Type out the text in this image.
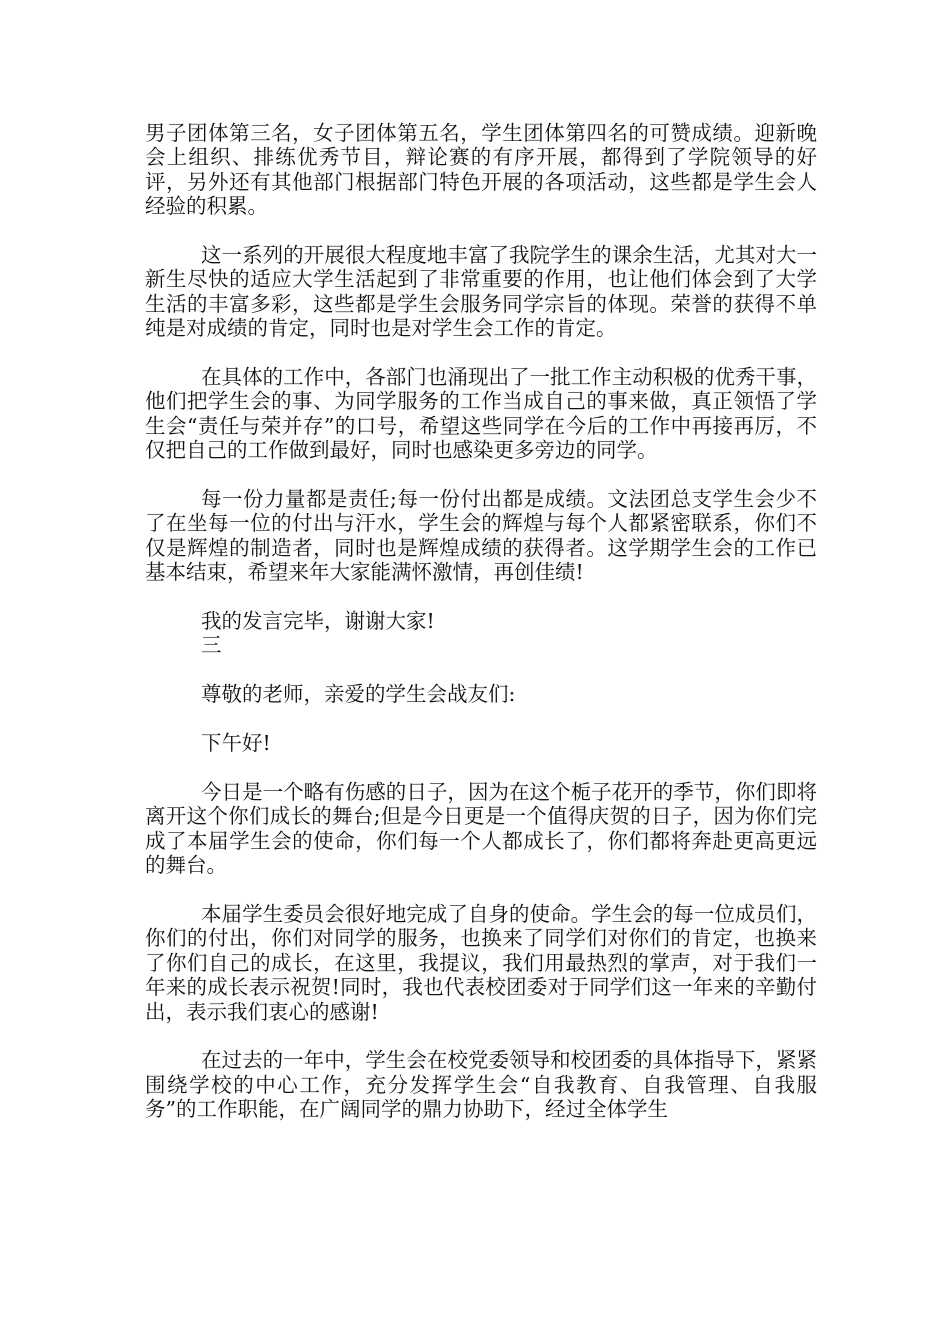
男子团体第三名，女子团体第五名，学生团体第四名的可赞成绩。迎新晚会上组织、排练优秀节目，辩论赛的有序开展，都得到了学院领导的好评，另外还有其他部门根据部门特色开展的各项活动，这些都是学生会人经验的积累。

这一系列的开展很大程度地丰富了我院学生的课余生活，尤其对大一新生尽快的适应大学生活起到了非常重要的作用，也让他们体会到了大学生活的丰富多彩，这些都是学生会服务同学宗旨的体现。荣誉的获得不单纯是对成绩的肯定，同时也是对学生会工作的肯定。

在具体的工作中，各部门也涌现出了一批工作主动积极的优秀干事，他们把学生会的事、为同学服务的工作当成自己的事来做，真正领悟了学生会“责任与荣并存”的口号，希望这些同学在今后的工作中再接再厉，不仅把自己的工作做到最好，同时也感染更多旁边的同学。

每一份力量都是责任;每一份付出都是成绩。文法团总支学生会少不了在坐每一位的付出与汗水，学生会的辉煌与每个人都紧密联系，你们不仅是辉煌的制造者，同时也是辉煌成绩的获得者。这学期学生会的工作已基本结束，希望来年大家能满怀激情，再创佳绩!

我的发言完毕，谢谢大家!

三

尊敬的老师，亲爱的学生会战友们:

下午好!

今日是一个略有伤感的日子，因为在这个栀子花开的季节，你们即将离开这个你们成长的舞台;但是今日更是一个值得庆贺的日子，因为你们完成了本届学生会的使命，你们每一个人都成长了，你们都将奔赴更高更远的舞台。

本届学生委员会很好地完成了自身的使命。学生会的每一位成员们，你们的付出，你们对同学的服务，也换来了同学们对你们的肯定，也换来了你们自己的成长，在这里，我提议，我们用最热烈的掌声，对于我们一年来的成长表示祝贺!同时，我也代表校团委对于同学们这一年来的辛勤付出，表示我们衷心的感谢!

在过去的一年中，学生会在校党委领导和校团委的具体指导下，紧紧围绕学校的中心工作，充分发挥学生会“自我教育、自我管理、自我服务”的工作职能，在广阔同学的鼎力协助下，经过全体学生
